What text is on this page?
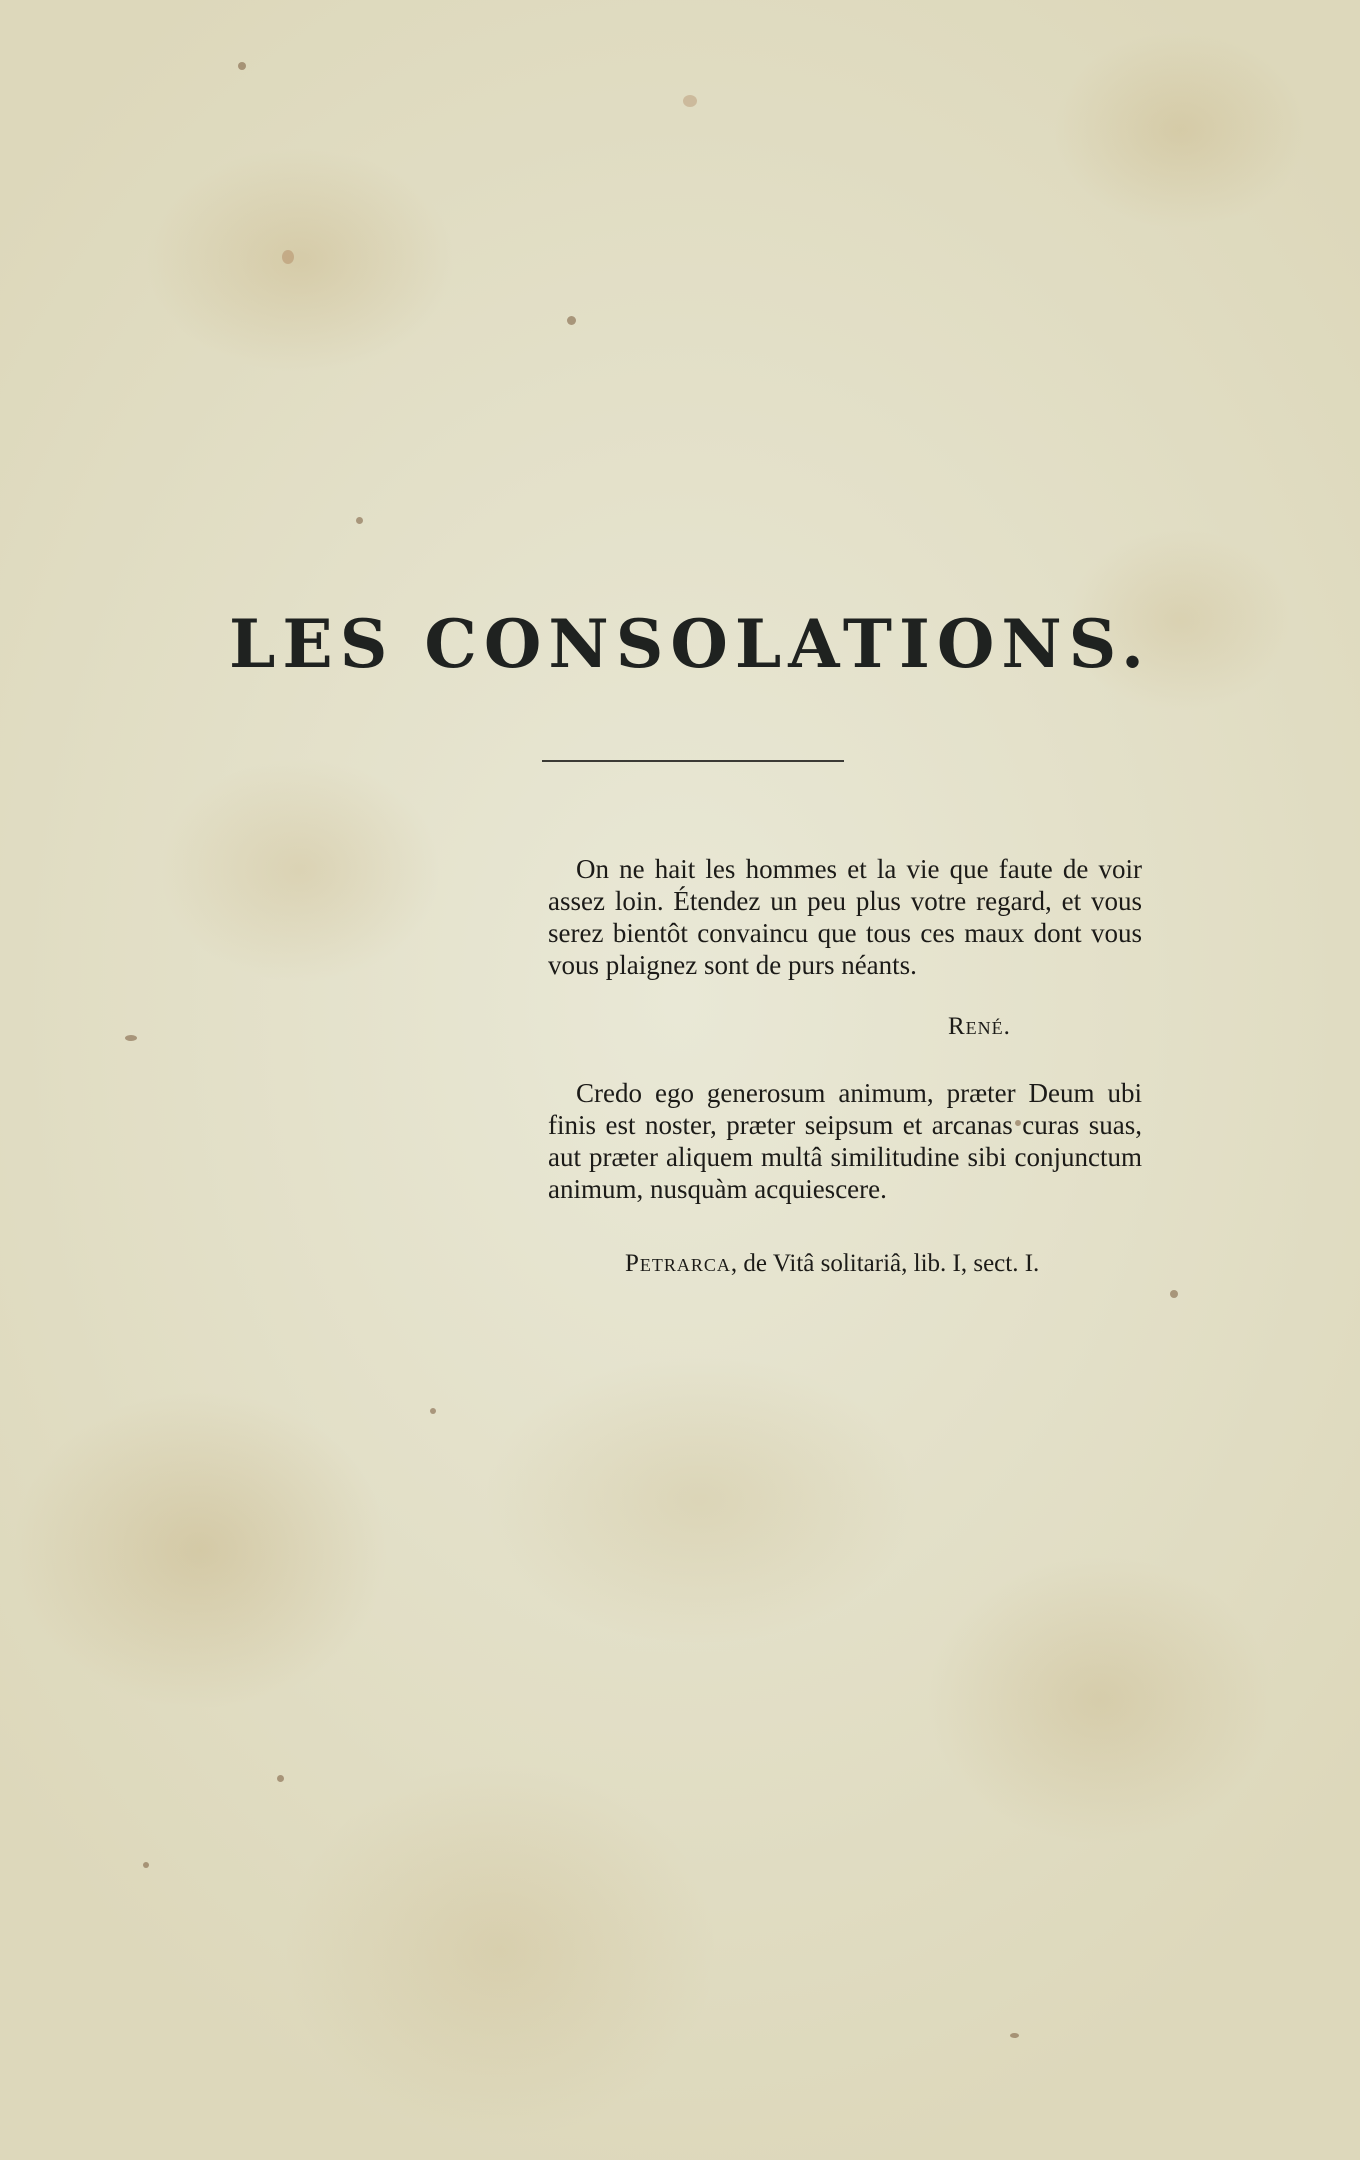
LES CONSOLATIONS.

On ne hait les hommes et la vie que faute de voir assez loin. Étendez un peu plus votre regard, et vous serez bientôt convaincu que tous ces maux dont vous vous plaignez sont de purs néants.

René.

Credo ego generosum animum, præter Deum ubi finis est noster, præter seipsum et arcanas curas suas, aut præter aliquem multâ similitudine sibi conjunctum animum, nusquàm acquiescere.

Petrarca, de Vitâ solitariâ, lib. I, sect. I.
